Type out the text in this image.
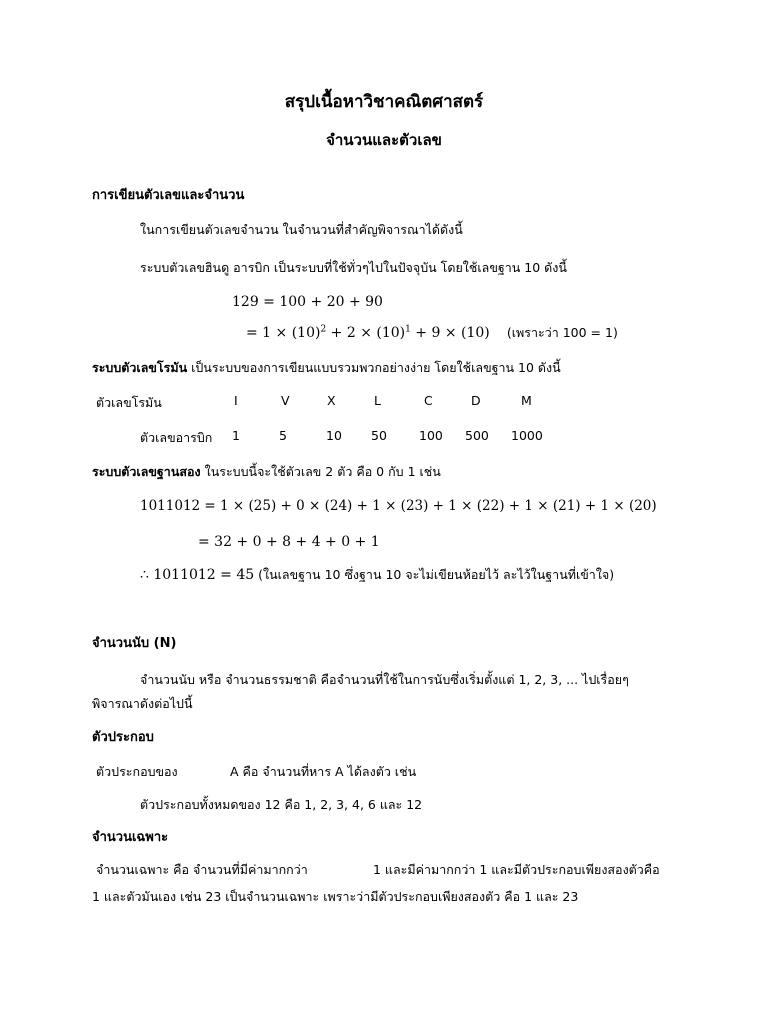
สรุปเนื้อหาวิชาคณิตศาสตร์
จำนวนและตัวเลข
การเขียนตัวเลขและจำนวน
ในการเขียนตัวเลขจำนวน ในจำนวนที่สำคัญพิจารณาได้ดังนี้
ระบบตัวเลขฮินดู อารบิก เป็นระบบที่ใช้ทั่วๆไปในปัจจุบัน โดยใช้เลขฐาน 10 ดังนี้
129 = 100 + 20 + 90
= $1 \times (10)^2 + 2 \times (10)^1 + 9 \times (10)$ (เพราะว่า 100 = 1)
ระบบตัวเลขโรมัน เป็นระบบของการเขียนแบบรวมพวกอย่างง่าย โดยใช้เลขฐาน 10 ดังนี้
ตัวเลขโรมัน	I	V	X	L	C	D	M
ตัวเลขอารบิก 1	5	10 50	100 500 1000
ระบบตัวเลขฐานสอง ในระบบนี้จะใช้ตัวเลข 2 ตัว คือ 0 กับ 1 เช่น
1011012 = 1 × (25) + 0 × (24) + 1 × (23) + 1 × (22) + 1 × (21) + 1 × (20)
= 32 + 0 + 8 + 4 + 0 + 1
∴ 1011012 = 45 (ในเลขฐาน 10 ซึ่งฐาน 10 จะไม่เขียนห้อยไว้ ละไว้ในฐานที่เข้าใจ)
จำนวนนับ (N)
จำนวนนับ หรือ จำนวนธรรมชาติ คือจำนวนที่ใช้ในการนับซึ่งเริ่มตั้งแต่ 1, 2, 3, ... ไปเรื่อยๆ
พิจารณาดังต่อไปนี้
ตัวประกอบ
ตัวประกอบของ	A คือ จำนวนที่หาร A ได้ลงตัว เช่น
ตัวประกอบทั้งหมดของ 12 คือ 1, 2, 3, 4, 6 และ 12
จำนวนเฉพาะ
จำนวนเฉพาะ คือ จำนวนที่มีค่ามากกว่า	1 และมีค่ามากกว่า 1 และมีตัวประกอบเพียงสองตัวคือ
1 และตัวมันเอง เช่น 23 เป็นจำนวนเฉพาะ เพราะว่ามีตัวประกอบเพียงสองตัว คือ 1 และ 23
